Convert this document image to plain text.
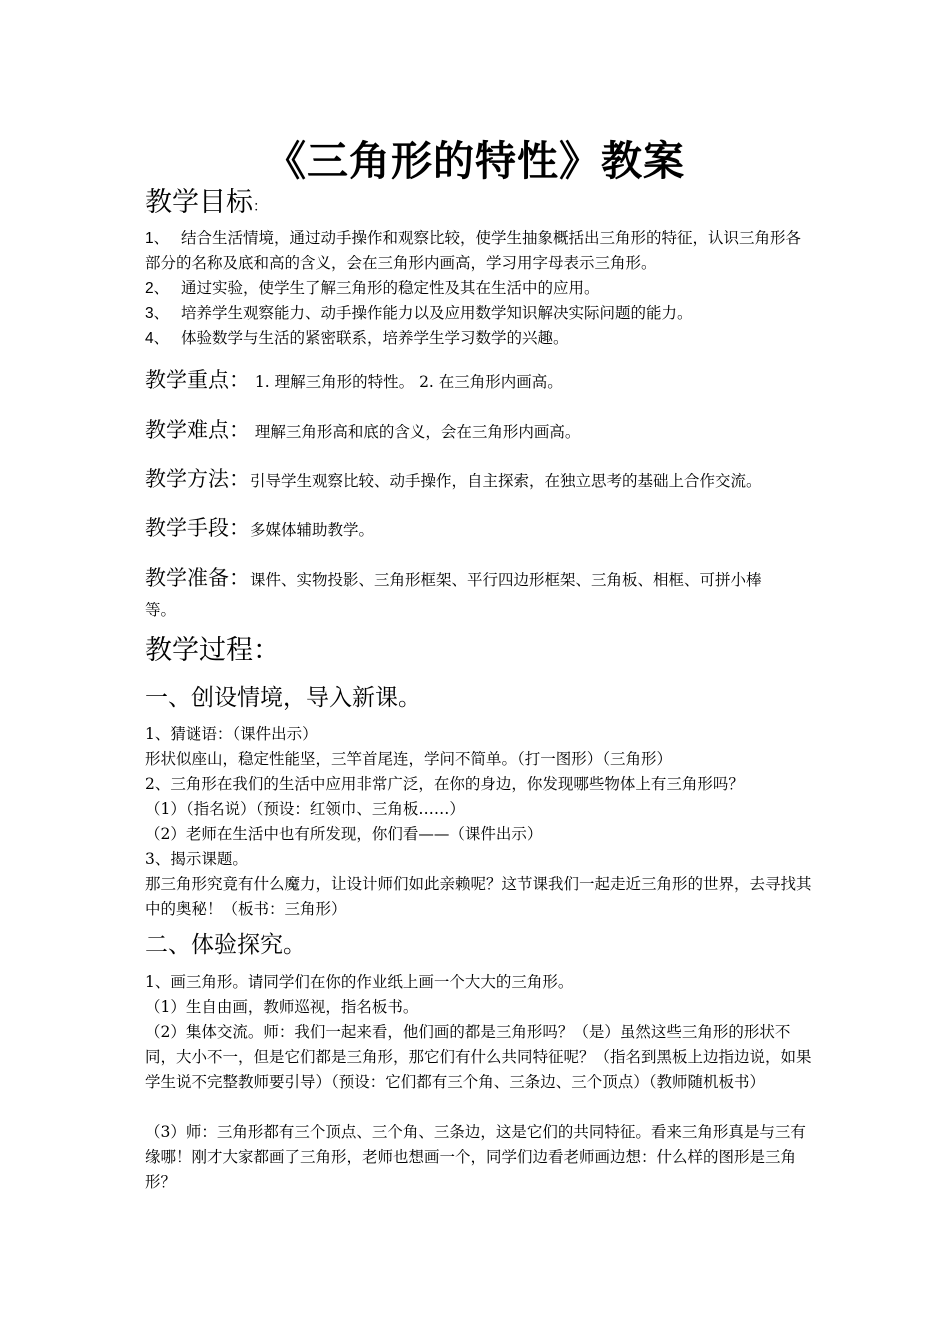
《三角形的特性》教案
教学目标：
1、 结合生活情境，通过动手操作和观察比较，使学生抽象概括出三角形的特征，认识三角形各部分的名称及底和高的含义，会在三角形内画高，学习用字母表示三角形。
2、 通过实验，使学生了解三角形的稳定性及其在生活中的应用。
3、 培养学生观察能力、动手操作能力以及应用数学知识解决实际问题的能力。
4、 体验数学与生活的紧密联系，培养学生学习数学的兴趣。
教学重点： 1. 理解三角形的特性。 2. 在三角形内画高。
教学难点： 理解三角形高和底的含义，会在三角形内画高。
教学方法：引导学生观察比较、动手操作，自主探索，在独立思考的基础上合作交流。
教学手段：多媒体辅助教学。
教学准备：课件、实物投影、三角形框架、平行四边形框架、三角板、相框、可拼小棒
等。
教学过程：
一、创设情境，导入新课。
1、猜谜语：（课件出示）
形状似座山，稳定性能坚，三竿首尾连，学问不简单。（打一图形）（三角形）
2、三角形在我们的生活中应用非常广泛，在你的身边，你发现哪些物体上有三角形吗？
（1）（指名说）（预设：红领巾、三角板……）
（2）老师在生活中也有所发现，你们看——（课件出示）
3、揭示课题。
那三角形究竟有什么魔力，让设计师们如此亲赖呢？这节课我们一起走近三角形的世界，去寻找其中的奥秘！（板书：三角形）
二、体验探究。
1、画三角形。请同学们在你的作业纸上画一个大大的三角形。
（1）生自由画，教师巡视，指名板书。
（2）集体交流。师：我们一起来看，他们画的都是三角形吗？（是）虽然这些三角形的形状不同，大小不一，但是它们都是三角形，那它们有什么共同特征呢？（指名到黑板上边指边说，如果学生说不完整教师要引导）（预设：它们都有三个角、三条边、三个顶点）（教师随机板书）
（3）师：三角形都有三个顶点、三个角、三条边，这是它们的共同特征。看来三角形真是与三有缘哪！刚才大家都画了三角形，老师也想画一个，同学们边看老师画边想：什么样的图形是三角形？
